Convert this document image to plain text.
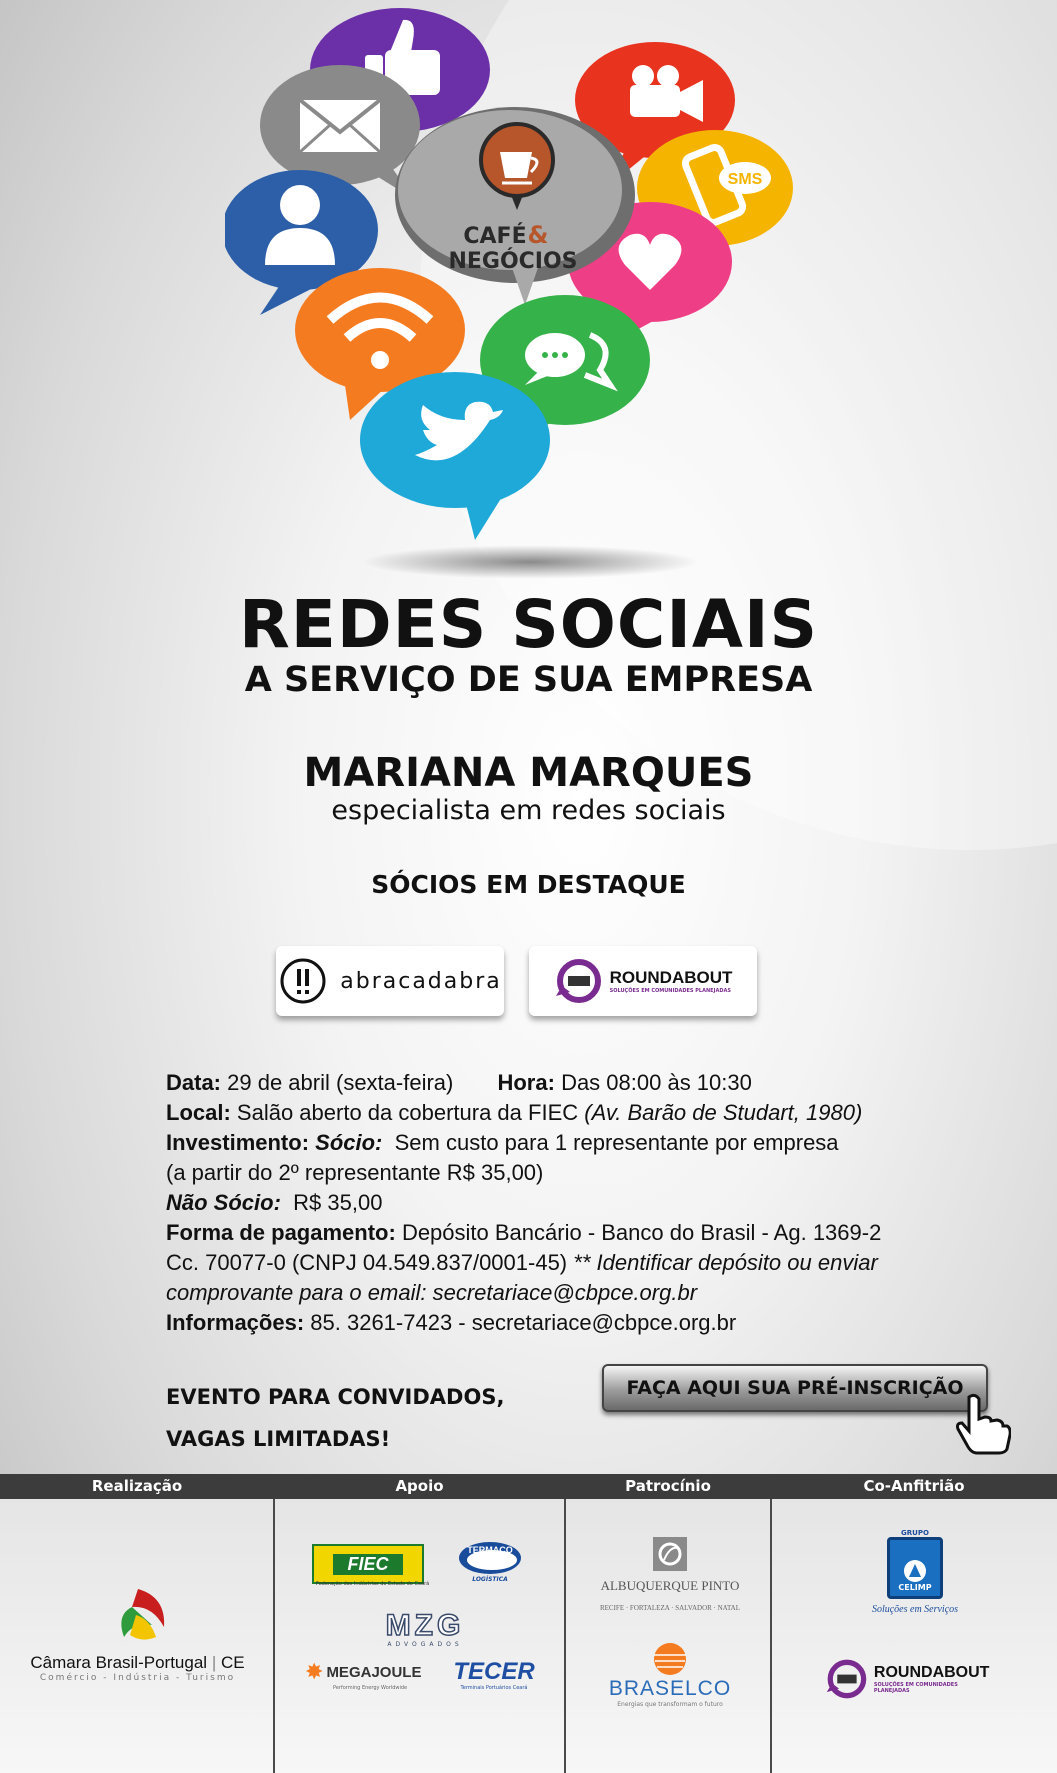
SMS
CAFÉ &
NEGÓCIOS
REDES SOCIAIS
A SERVIÇO DE SUA EMPRESA
MARIANA MARQUES
especialista em redes sociais
SÓCIOS EM DESTAQUE
abracadabra	ROUNDABOUT
SOLUÇÕES EM COMUNIDADES PLANEJADAS
Data: 29 de abril (sexta-feira) Hora: Das 08:00 às 10:30
Local: Salão aberto da cobertura da FIEC (Av. Barão de Studart, 1980)
Investimento: Sócio: Sem custo para 1 representante por empresa
(a partir do 2º representante R$ 35,00)
Não Sócio: R$ 35,00
Forma de pagamento: Depósito Bancário - Banco do Brasil - Ag. 1369-2
Cc. 70077-0 (CNPJ 04.549.837/0001-45) ** Identificar depósito ou enviar
comprovante para o email: secretariace@cbpce.org.br
Informações: 85. 3261-7423 - secretariace@cbpce.org.br
EVENTO PARA CONVIDADOS,
VAGAS LIMITADAS!
FAÇA AQUI SUA PRÉ-INSCRIÇÃO
Realização	Apoio	Patrocínio	Co-Anfitrião
Câmara Brasil-Portugal | CE
Comércio - Indústria - Turismo
FIEC
Federação das Indústrias do Estado do Ceará
TERMACO
LOGÍSTICA
MZG
ADVOGADOS
✸ MEGAJOULE
Performing Energy Worldwide
TECER
Terminais Portuários Ceará
ALBUQUERQUE PINTO
RECIFE · FORTALEZA · SALVADOR · NATAL
BRASELCO
Energias que transformam o futuro
GRUPO
CELIMP
Soluções em Serviços
ROUNDABOUT
SOLUÇÕES EM COMUNIDADES PLANEJADAS
